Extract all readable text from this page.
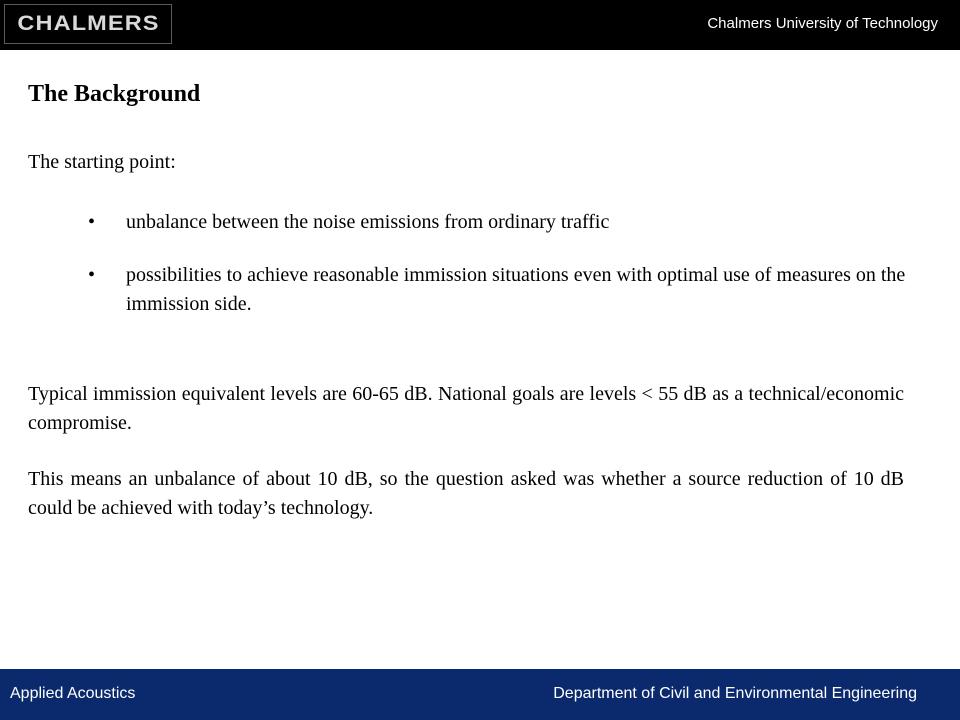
CHALMERS	Chalmers University of Technology
The Background

The starting point:

• unbalance between the noise emissions from ordinary traffic
• possibilities to achieve reasonable immission situations even with optimal use of measures on the immission side.

Typical immission equivalent levels are 60-65 dB. National goals are levels < 55 dB as a technical/economic compromise.

This means an unbalance of about 10 dB, so the question asked was whether a source reduction of 10 dB could be achieved with today’s technology.

Applied Acoustics	Department of Civil and Environmental Engineering
